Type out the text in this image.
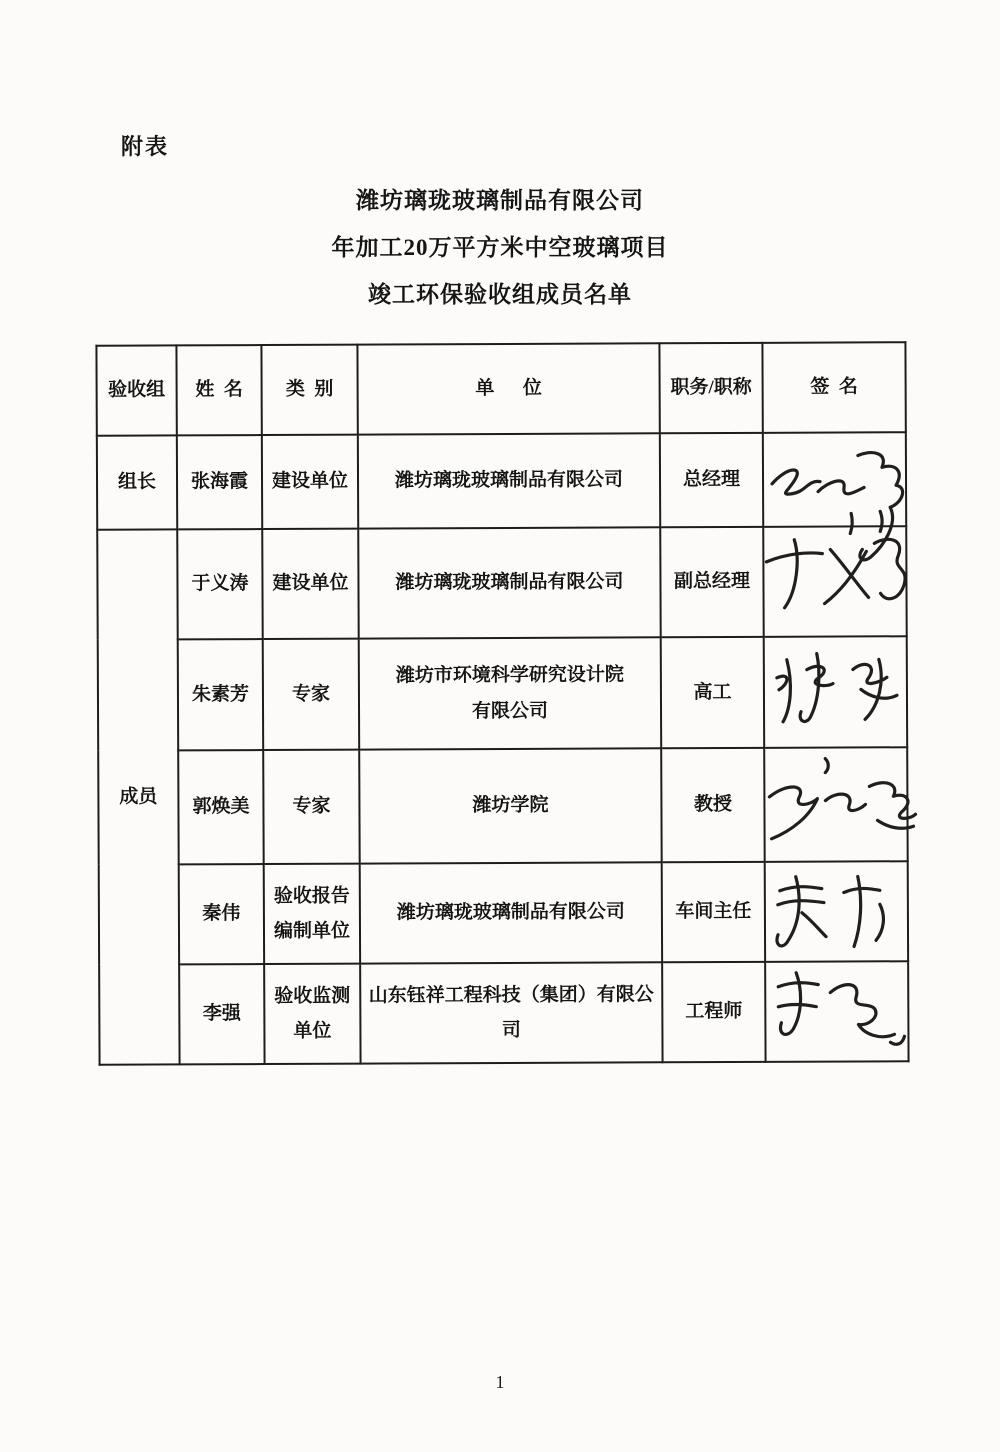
附表
潍坊璃珑玻璃制品有限公司
年加工20万平方米中空玻璃项目
竣工环保验收组成员名单
验收组	姓  名	类  别	单      位	职务/职称	签  名
组长	张海霞	建设单位	潍坊璃珑玻璃制品有限公司	总经理	

成员	于义涛	建设单位	潍坊璃珑玻璃制品有限公司	副总经理	

	朱素芳	专家	潍坊市环境科学研究设计院
有限公司	高工	

	郭焕美	专家	潍坊学院	教授	

	秦伟	验收报告
编制单位	潍坊璃珑玻璃制品有限公司	车间主任	

	李强	验收监测
单位	山东钰祥工程科技（集团）有限公
司	工程师	

1
